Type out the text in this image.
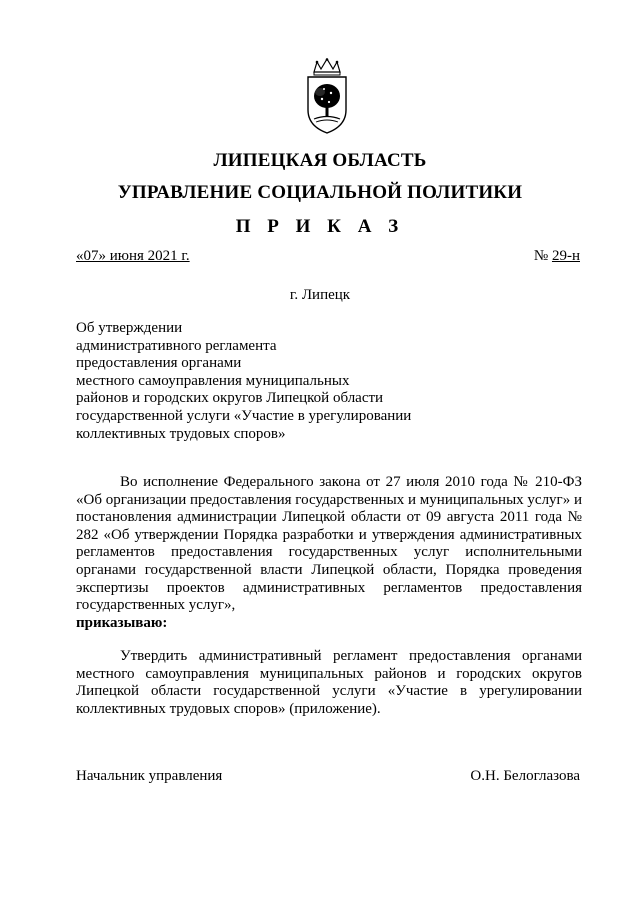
ЛИПЕЦКАЯ ОБЛАСТЬ
УПРАВЛЕНИЕ СОЦИАЛЬНОЙ ПОЛИТИКИ
П Р И К А З
«07» июня 2021 г.	№ 29-н
г. Липецк
Об утверждении
административного регламента
предоставления органами
местного самоуправления муниципальных
районов и городских округов Липецкой области
государственной услуги «Участие в урегулировании
коллективных трудовых споров»
Во исполнение Федерального закона от 27 июля 2010 года № 210-ФЗ «Об организации предоставления государственных и муниципальных услуг» и постановления администрации Липецкой области от 09 августа 2011 года № 282 «Об утверждении Порядка разработки и утверждения административных регламентов предоставления государственных услуг исполнительными органами государственной власти Липецкой области, Порядка проведения экспертизы проектов административных регламентов предоставления государственных услуг»,
приказываю:
Утвердить административный регламент предоставления органами местного самоуправления муниципальных районов и городских округов Липецкой области государственной услуги «Участие в урегулировании коллективных трудовых споров» (приложение).
Начальник управления	О.Н. Белоглазова
